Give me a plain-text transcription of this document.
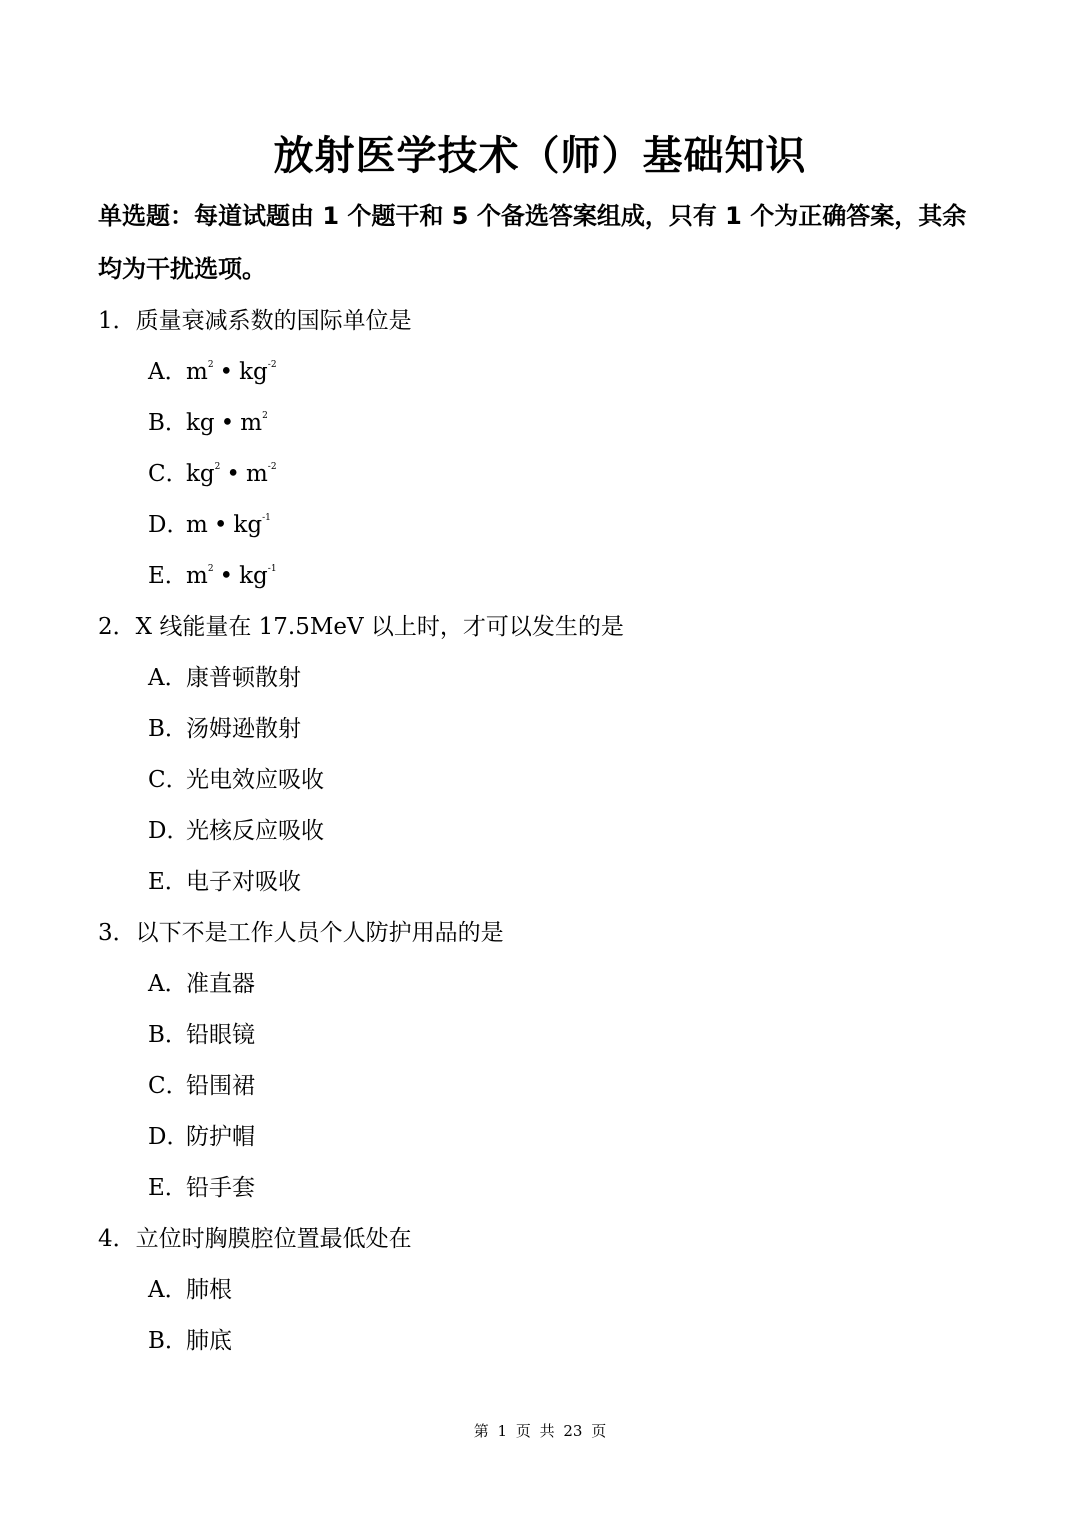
放射医学技术（师）基础知识
单选题：每道试题由 1 个题干和 5 个备选答案组成，只有 1 个为正确答案，其余均为干扰选项。
1．质量衰减系数的国际单位是
A．$m^2$ • $kg^{-2}$
B．kg • $m^2$
C．$kg^2$ • $m^{-2}$
D．m • $kg^{-1}$
E．$m^2$ • $kg^{-1}$
2．X 线能量在 17.5MeV 以上时，才可以发生的是
A．康普顿散射
B．汤姆逊散射
C．光电效应吸收
D．光核反应吸收
E．电子对吸收
3．以下不是工作人员个人防护用品的是
A．准直器
B．铅眼镜
C．铅围裙
D．防护帽
E．铅手套
4．立位时胸膜腔位置最低处在
A．肺根
B．肺底
第 1 页 共 23 页
